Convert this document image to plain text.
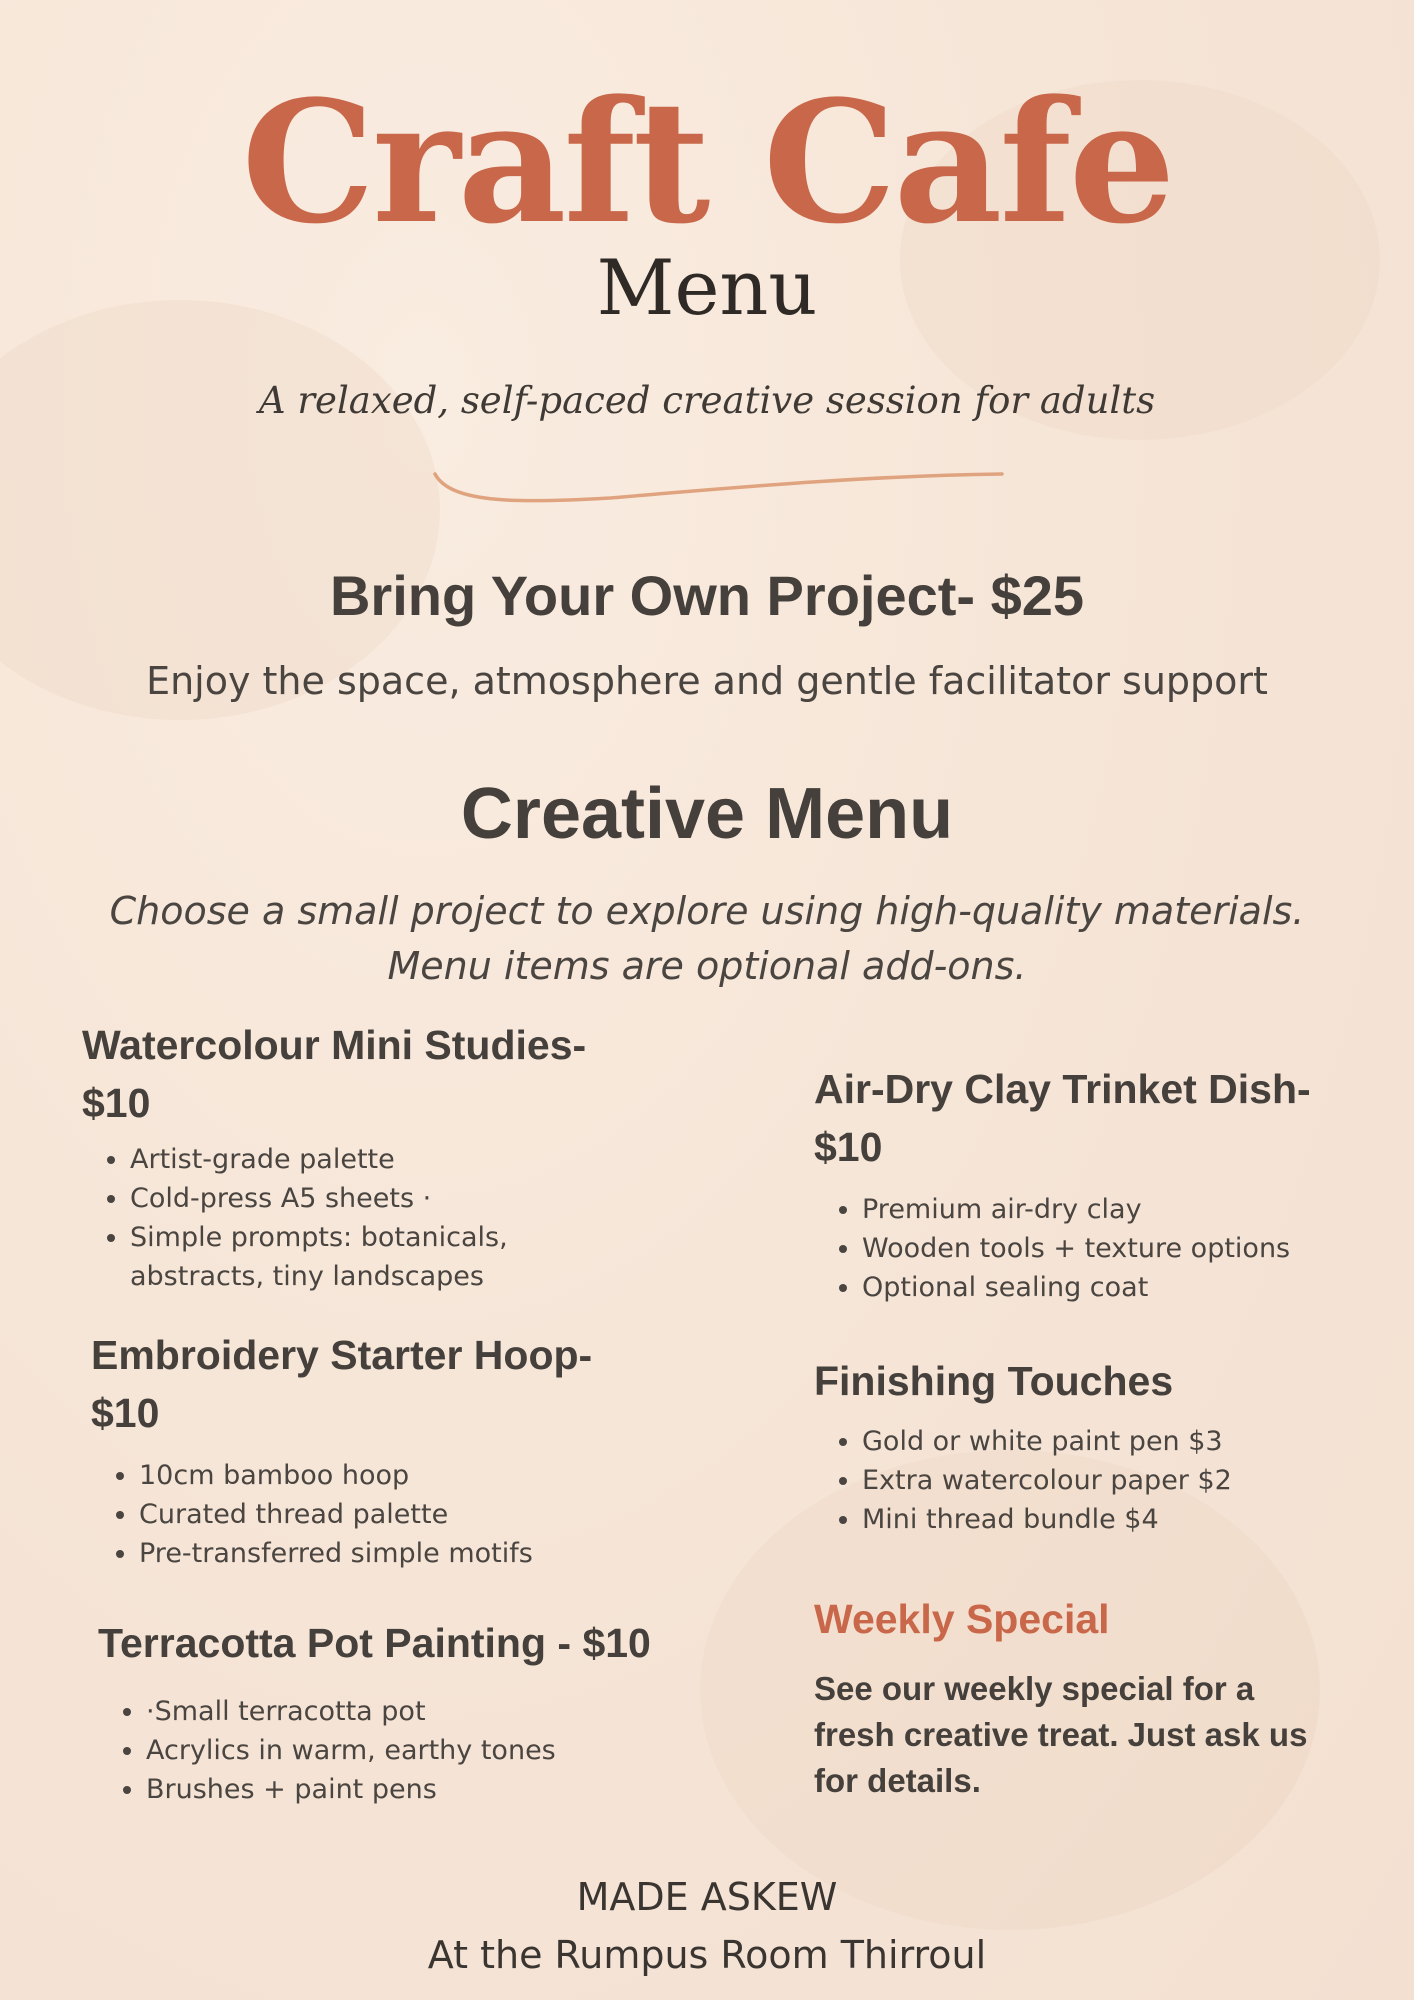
Craft Cafe
Menu
A relaxed, self-paced creative session for adults
Bring Your Own Project- $25
Enjoy the space, atmosphere and gentle facilitator support
Creative Menu
Choose a small project to explore using high-quality materials.
Menu items are optional add-ons.
Watercolour Mini Studies- $10
• Artist-grade palette
• Cold-press A5 sheets ·
• Simple prompts: botanicals, abstracts, tiny landscapes
Embroidery Starter Hoop- $10
• 10cm bamboo hoop
• Curated thread palette
• Pre-transferred simple motifs
Terracotta Pot Painting - $10
• ·Small terracotta pot
• Acrylics in warm, earthy tones
• Brushes + paint pens
Air-Dry Clay Trinket Dish- $10
• Premium air-dry clay
• Wooden tools + texture options
• Optional sealing coat
Finishing Touches
• Gold or white paint pen $3
• Extra watercolour paper $2
• Mini thread bundle $4
Weekly Special

See our weekly special for a fresh creative treat. Just ask us for details.

MADE ASKEW
At the Rumpus Room Thirroul
